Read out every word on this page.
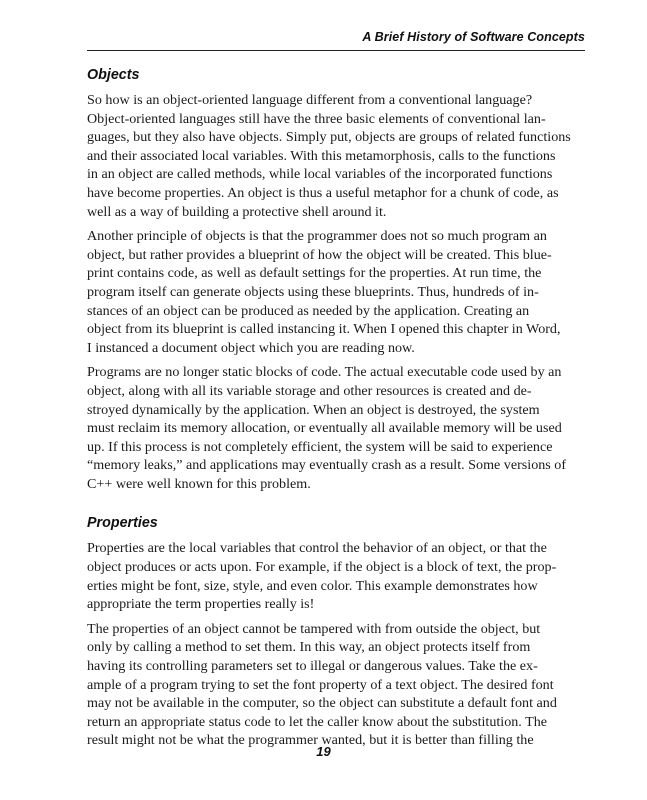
A Brief History of Software Concepts
Objects

So how is an object-oriented language different from a conventional language?
Object-oriented languages still have the three basic elements of conventional lan-
guages, but they also have objects. Simply put, objects are groups of related functions
and their associated local variables. With this metamorphosis, calls to the functions
in an object are called methods, while local variables of the incorporated functions
have become properties. An object is thus a useful metaphor for a chunk of code, as
well as a way of building a protective shell around it.

Another principle of objects is that the programmer does not so much program an
object, but rather provides a blueprint of how the object will be created. This blue-
print contains code, as well as default settings for the properties. At run time, the
program itself can generate objects using these blueprints. Thus, hundreds of in-
stances of an object can be produced as needed by the application. Creating an
object from its blueprint is called instancing it. When I opened this chapter in Word,
I instanced a document object which you are reading now.

Programs are no longer static blocks of code. The actual executable code used by an
object, along with all its variable storage and other resources is created and de-
stroyed dynamically by the application. When an object is destroyed, the system
must reclaim its memory allocation, or eventually all available memory will be used
up. If this process is not completely efficient, the system will be said to experience
“memory leaks,” and applications may eventually crash as a result. Some versions of
C++ were well known for this problem.

Properties

Properties are the local variables that control the behavior of an object, or that the
object produces or acts upon. For example, if the object is a block of text, the prop-
erties might be font, size, style, and even color. This example demonstrates how
appropriate the term properties really is!

The properties of an object cannot be tampered with from outside the object, but
only by calling a method to set them. In this way, an object protects itself from
having its controlling parameters set to illegal or dangerous values. Take the ex-
ample of a program trying to set the font property of a text object. The desired font
may not be available in the computer, so the object can substitute a default font and
return an appropriate status code to let the caller know about the substitution. The
result might not be what the programmer wanted, but it is better than filling the

19
